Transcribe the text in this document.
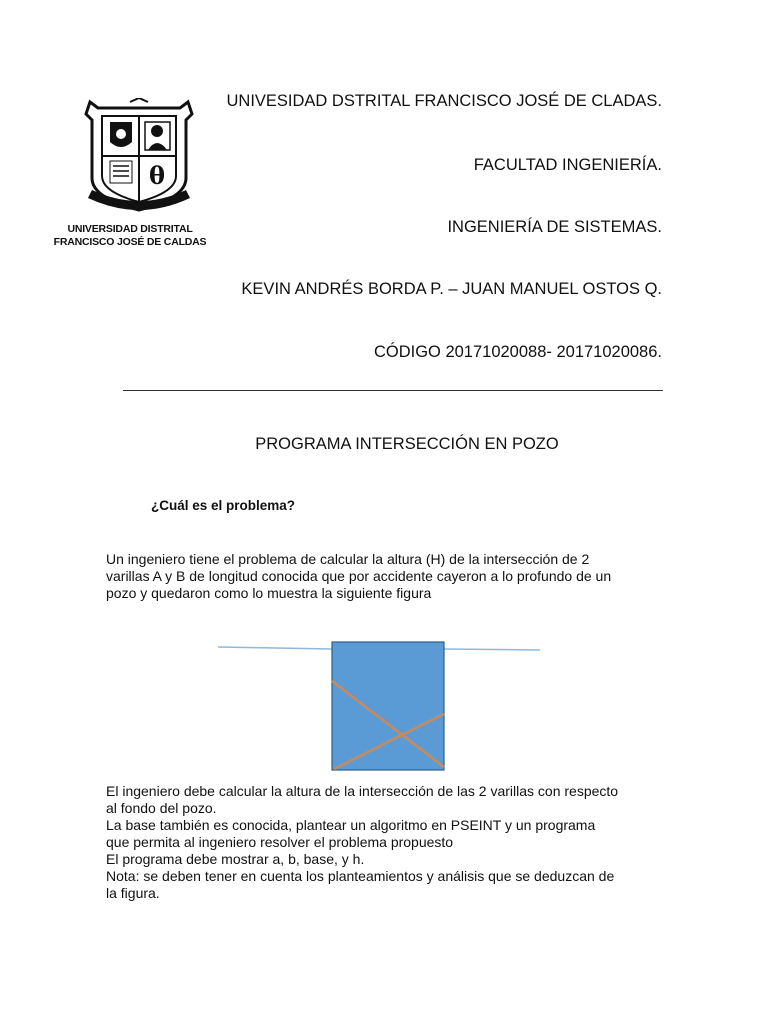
UNIVESIDAD DSTRITAL FRANCISCO JOSÉ DE CLADAS.
FACULTAD INGENIERÍA.
INGENIERÍA DE SISTEMAS.
KEVIN ANDRÉS BORDA P. – JUAN MANUEL OSTOS Q.
CÓDIGO 20171020088- 20171020086.
θ
UNIVERSIDAD DISTRITAL
FRANCISCO JOSÉ DE CALDAS
PROGRAMA INTERSECCIÓN EN POZO
¿Cuál es el problema?
Un ingeniero tiene el problema de calcular la altura (H) de la intersección de 2
varillas A y B de longitud conocida que por accidente cayeron a lo profundo de un
pozo y quedaron como lo muestra la siguiente figura
El ingeniero debe calcular la altura de la intersección de las 2 varillas con respecto
al fondo del pozo.
La base también es conocida, plantear un algoritmo en PSEINT y un programa
que permita al ingeniero resolver el problema propuesto
El programa debe mostrar a, b, base, y h.
Nota: se deben tener en cuenta los planteamientos y análisis que se deduzcan de
la figura.
